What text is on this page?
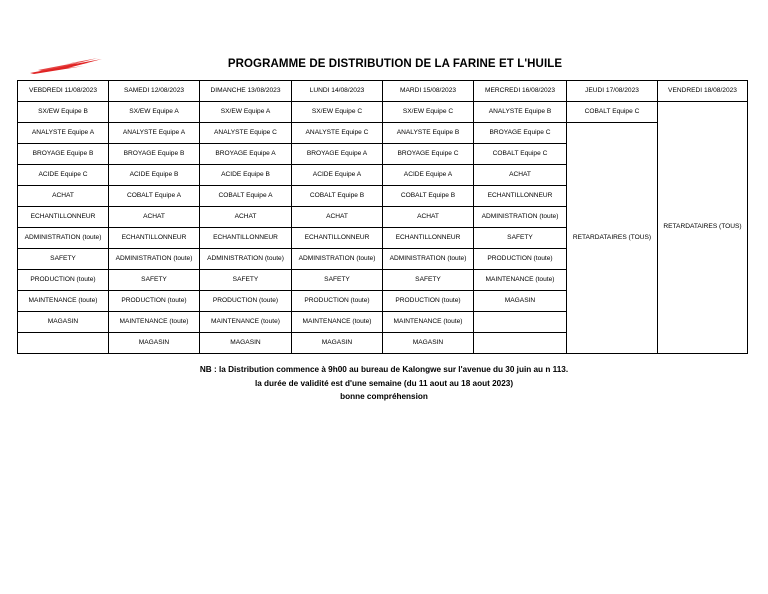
PROGRAMME DE DISTRIBUTION DE LA FARINE ET L'HUILE
VEBDREDI 11/08/2023	SAMEDI 12/08/2023	DIMANCHE 13/08/2023	LUNDI 14/08/2023	MARDI 15/08/2023	MERCREDI 16/08/2023	JEUDI 17/08/2023	VENDREDI 18/08/2023
SX/EW Equipe B	SX/EW Equipe A	SX/EW Equipe A	SX/EW Equipe C	SX/EW Equipe C	ANALYSTE Equipe B	COBALT Equipe C	RETARDATAIRES (TOUS)
ANALYSTE Equipe A	ANALYSTE Equipe A	ANALYSTE Equipe C	ANALYSTE Equipe C	ANALYSTE Equipe B	BROYAGE Equipe C	RETARDATAIRES (TOUS)	
BROYAGE Equipe B	BROYAGE Equipe B	BROYAGE Equipe A	BROYAGE Equipe A	BROYAGE Equipe C	COBALT Equipe C		
ACIDE Equipe C	ACIDE Equipe B	ACIDE Equipe B	ACIDE Equipe A	ACIDE Equipe A	ACHAT		
ACHAT	COBALT Equipe A	COBALT Equipe A	COBALT Equipe B	COBALT Equipe B	ECHANTILLONNEUR		
ECHANTILLONNEUR	ACHAT	ACHAT	ACHAT	ACHAT	ADMINISTRATION (toute)		
ADMINISTRATION (toute)	ECHANTILLONNEUR	ECHANTILLONNEUR	ECHANTILLONNEUR	ECHANTILLONNEUR	SAFETY		
SAFETY	ADMINISTRATION (toute)	ADMINISTRATION (toute)	ADMINISTRATION (toute)	ADMINISTRATION (toute)	PRODUCTION (toute)		
PRODUCTION (toute)	SAFETY	SAFETY	SAFETY	SAFETY	MAINTENANCE (toute)		
MAINTENANCE (toute)	PRODUCTION (toute)	PRODUCTION (toute)	PRODUCTION (toute)	PRODUCTION (toute)	MAGASIN		
MAGASIN	MAINTENANCE (toute)	MAINTENANCE (toute)	MAINTENANCE (toute)	MAINTENANCE (toute)			
	MAGASIN	MAGASIN	MAGASIN	MAGASIN			
NB : la Distribution commence à 9h00 au bureau de Kalongwe sur l'avenue du 30 juin au n 113.
la durée de validité est d'une semaine (du 11 aout au 18 aout 2023)
bonne compréhension
